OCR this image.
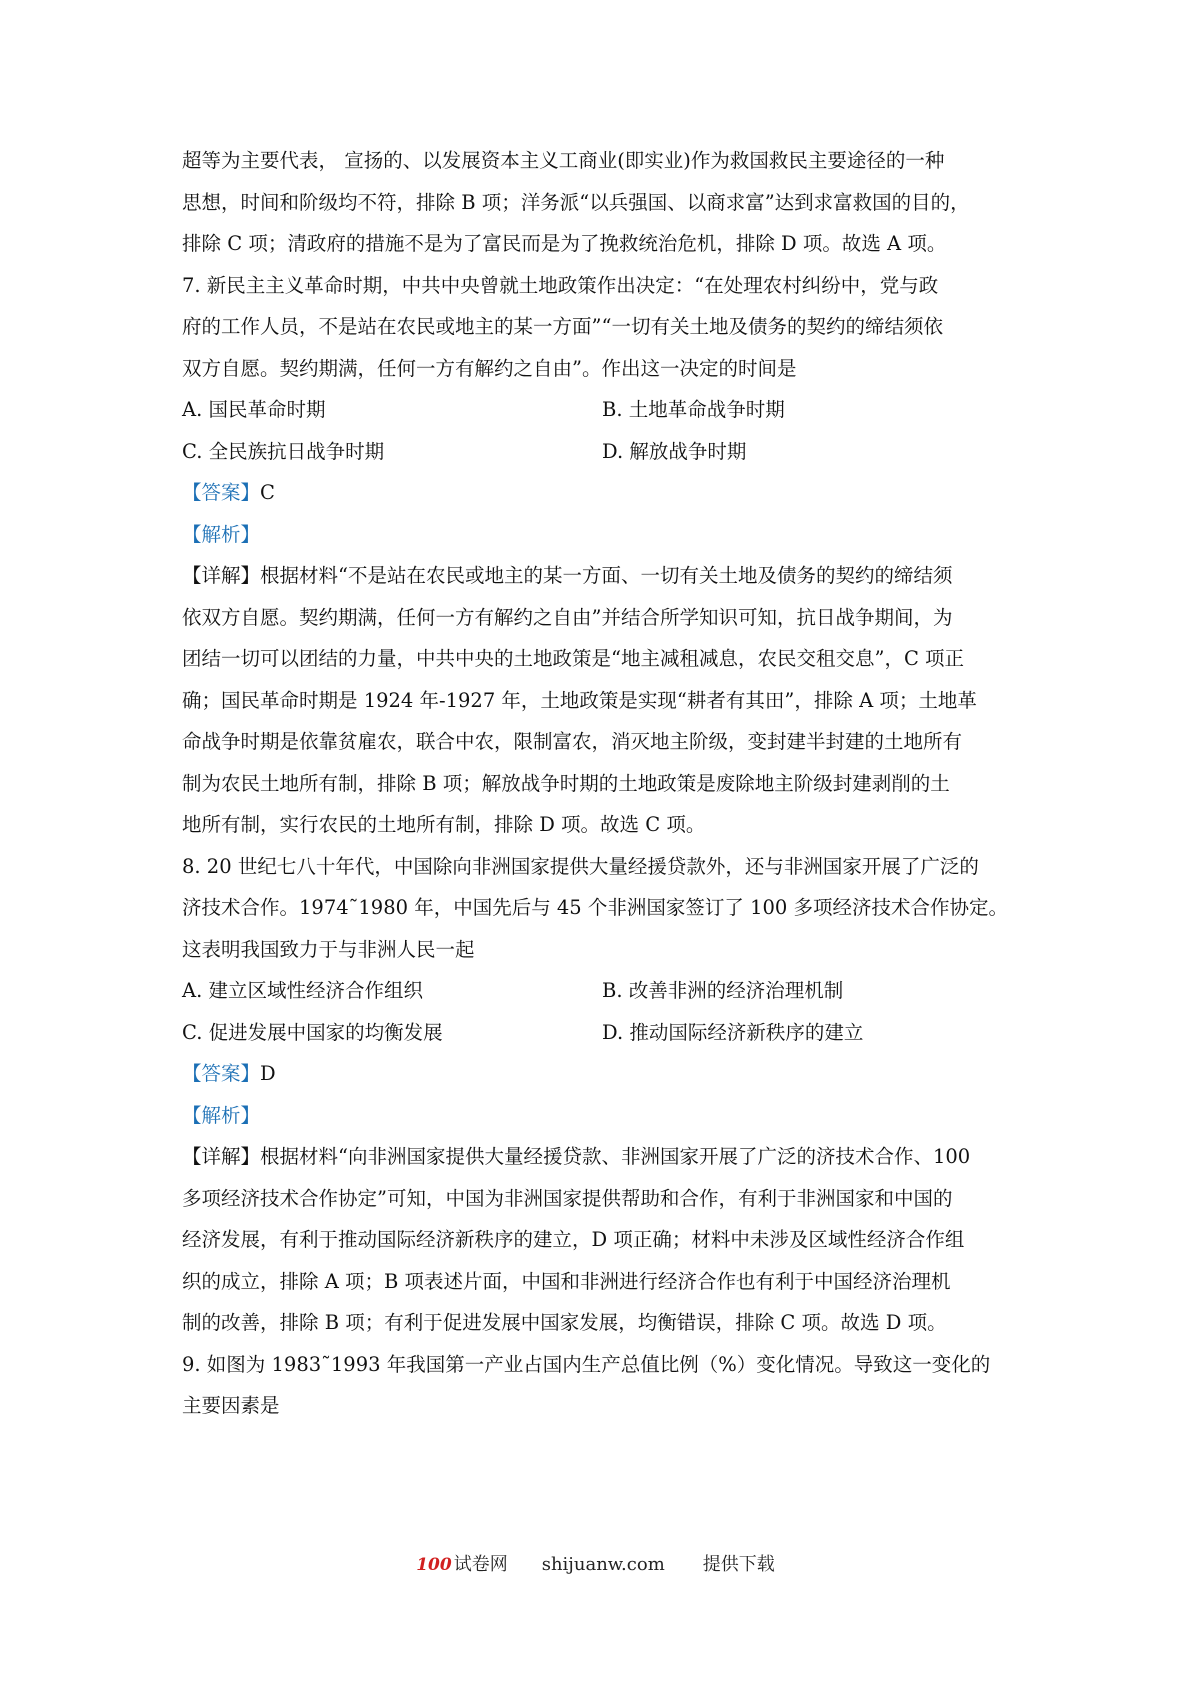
超等为主要代表， 宣扬的、以发展资本主义工商业(即实业)作为救国救民主要途径的一种
思想，时间和阶级均不符，排除 B 项；洋务派“以兵强国、以商求富”达到求富救国的目的，
排除 C 项；清政府的措施不是为了富民而是为了挽救统治危机，排除 D 项。故选 A 项。
7. 新民主主义革命时期，中共中央曾就土地政策作出决定：“在处理农村纠纷中，党与政
府的工作人员，不是站在农民或地主的某一方面”“一切有关土地及债务的契约的缔结须依
双方自愿。契约期满，任何一方有解约之自由”。作出这一决定的时间是
A. 国民革命时期	B. 土地革命战争时期
C. 全民族抗日战争时期	D. 解放战争时期
【答案】C
【解析】
【详解】根据材料“不是站在农民或地主的某一方面、一切有关土地及债务的契约的缔结须
依双方自愿。契约期满，任何一方有解约之自由”并结合所学知识可知，抗日战争期间，为
团结一切可以团结的力量，中共中央的土地政策是“地主减租减息，农民交租交息”，C 项正
确；国民革命时期是 1924 年-1927 年，土地政策是实现“耕者有其田”，排除 A 项；土地革
命战争时期是依靠贫雇农，联合中农，限制富农，消灭地主阶级，变封建半封建的土地所有
制为农民土地所有制，排除 B 项；解放战争时期的土地政策是废除地主阶级封建剥削的土
地所有制，实行农民的土地所有制，排除 D 项。故选 C 项。
8. 20 世纪七八十年代，中国除向非洲国家提供大量经援贷款外，还与非洲国家开展了广泛的
济技术合作。1974˜1980 年，中国先后与 45 个非洲国家签订了 100 多项经济技术合作协定。
这表明我国致力于与非洲人民一起
A. 建立区域性经济合作组织	B. 改善非洲的经济治理机制
C. 促进发展中国家的均衡发展	D. 推动国际经济新秩序的建立
【答案】D
【解析】
【详解】根据材料“向非洲国家提供大量经援贷款、非洲国家开展了广泛的济技术合作、100
多项经济技术合作协定”可知，中国为非洲国家提供帮助和合作，有利于非洲国家和中国的
经济发展，有利于推动国际经济新秩序的建立，D 项正确；材料中未涉及区域性经济合作组
织的成立，排除 A 项；B 项表述片面，中国和非洲进行经济合作也有利于中国经济治理机
制的改善，排除 B 项；有利于促进发展中国家发展，均衡错误，排除 C 项。故选 D 项。
9. 如图为 1983˜1993 年我国第一产业占国内生产总值比例（%）变化情况。导致这一变化的
主要因素是
100 试卷网 shijuanw.com 提供下载
